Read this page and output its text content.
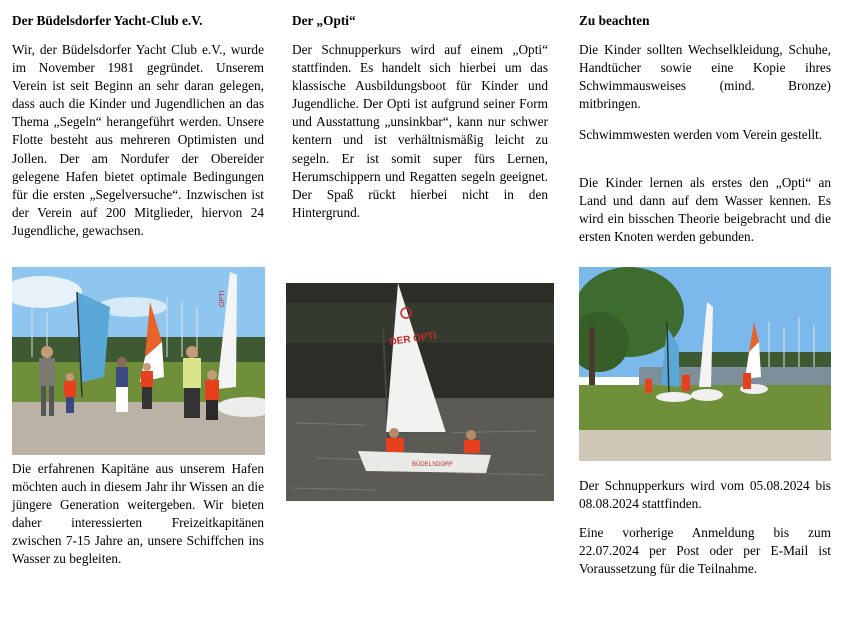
Der Büdelsdorfer Yacht-Club e.V.

Wir, der Büdelsdorfer Yacht Club e.V., wurde im November 1981 gegründet. Unserem Verein ist seit Beginn an sehr daran gelegen, dass auch die Kinder und Jugendlichen an das Thema „Segeln“ herangeführt werden. Unsere Flotte besteht aus mehreren Optimisten und Jollen. Der am Nordufer der Obereider gelegene Hafen bietet optimale Bedingungen für die ersten „Segelversuche“. Inzwischen ist der Verein auf 200 Mitglieder, hiervon 24 Jugendliche, gewachsen.

OPTI

Die erfahrenen Kapitäne aus unserem Hafen möchten auch in diesem Jahr ihr Wissen an die jüngere Generation weitergeben. Wir bieten daher interessierten Freizeitkapitänen zwischen 7-15 Jahre an, unsere Schiffchen ins Wasser zu begleiten.

Der „Opti“

Der Schnupperkurs wird auf einem „Opti“ stattfinden. Es handelt sich hierbei um das klassische Ausbildungsboot für Kinder und Jugendliche. Der Opti ist aufgrund seiner Form und Ausstattung „unsinkbar“, kann nur schwer kentern und ist verhältnismäßig leicht zu segeln. Er ist somit super fürs Lernen, Herumschippern und Regatten segeln geeignet. Der Spaß rückt hierbei nicht in den Hintergrund.

DER OPTI
BÜDELSDORF
Zu beachten

Die Kinder sollten Wechselkleidung, Schuhe, Handtücher sowie eine Kopie ihres Schwimmausweises (mind. Bronze) mitbringen.

Schwimmwesten werden vom Verein gestellt.

Die Kinder lernen als erstes den „Opti“ an Land und dann auf dem Wasser kennen. Es wird ein bisschen Theorie beigebracht und die ersten Knoten werden gebunden.

Der Schnupperkurs wird vom 05.08.2024 bis 08.08.2024 stattfinden.

Eine vorherige Anmeldung bis zum 22.07.2024 per Post oder per E-Mail ist Voraussetzung für die Teilnahme.
